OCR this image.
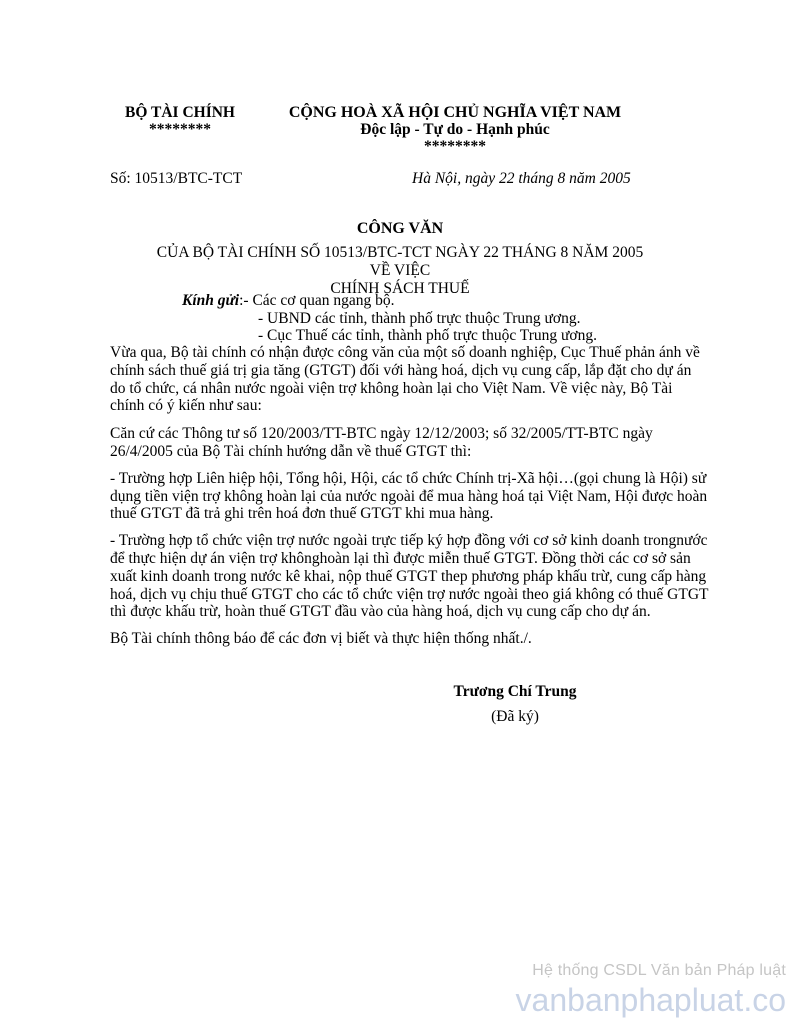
BỘ TÀI CHÍNH
********
CỘNG HOÀ XÃ HỘI CHỦ NGHĨA VIỆT NAM
Độc lập - Tự do - Hạnh phúc
********
Số: 10513/BTC-TCT	Hà Nội, ngày 22 tháng 8 năm 2005
CÔNG VĂN
CỦA BỘ TÀI CHÍNH SỐ 10513/BTC-TCT NGÀY 22 THÁNG 8 NĂM 2005 VỀ VIỆC
CHÍNH SÁCH THUẾ
Kính gửi:- Các cơ quan ngang bộ.
- UBND các tỉnh, thành phố trực thuộc Trung ương.
- Cục Thuế các tỉnh, thành phố trực thuộc Trung ương.

Vừa qua, Bộ tài chính có nhận được công văn của một số doanh nghiệp, Cục Thuế phản ánh về chính sách thuế giá trị gia tăng (GTGT) đối với hàng hoá, dịch vụ cung cấp, lắp đặt cho dự án do tổ chức, cá nhân nước ngoài viện trợ không hoàn lại cho Việt Nam. Về việc này, Bộ Tài chính có ý kiến như sau:

Căn cứ các Thông tư số 120/2003/TT-BTC ngày 12/12/2003; số 32/2005/TT-BTC ngày 26/4/2005 của Bộ Tài chính hướng dẫn về thuế GTGT thì:

- Trường hợp Liên hiệp hội, Tổng hội, Hội, các tổ chức Chính trị-Xã hội…(gọi chung là Hội) sử dụng tiền viện trợ không hoàn lại của nước ngoài để mua hàng hoá tại Việt Nam, Hội được hoàn thuế GTGT đã trả ghi trên hoá đơn thuế GTGT khi mua hàng.

- Trường hợp tổ chức viện trợ nước ngoài trực tiếp ký hợp đồng với cơ sở kinh doanh trongnước để thực hiện dự án viện trợ khônghoàn lại thì được miễn thuế GTGT. Đồng thời các cơ sở sản xuất kinh doanh trong nước kê khai, nộp thuế GTGT thep phương pháp khấu trừ, cung cấp hàng hoá, dịch vụ chịu thuế GTGT cho các tổ chức viện trợ nước ngoài theo giá không có thuế GTGT thì được khấu trừ, hoàn thuế GTGT đầu vào của hàng hoá, dịch vụ cung cấp cho dự án.

Bộ Tài chính thông báo để các đơn vị biết và thực hiện thống nhất./.

Trương Chí Trung
(Đã ký)
Hệ thống CSDL Văn bản Pháp luật
vanbanphapluat.co
